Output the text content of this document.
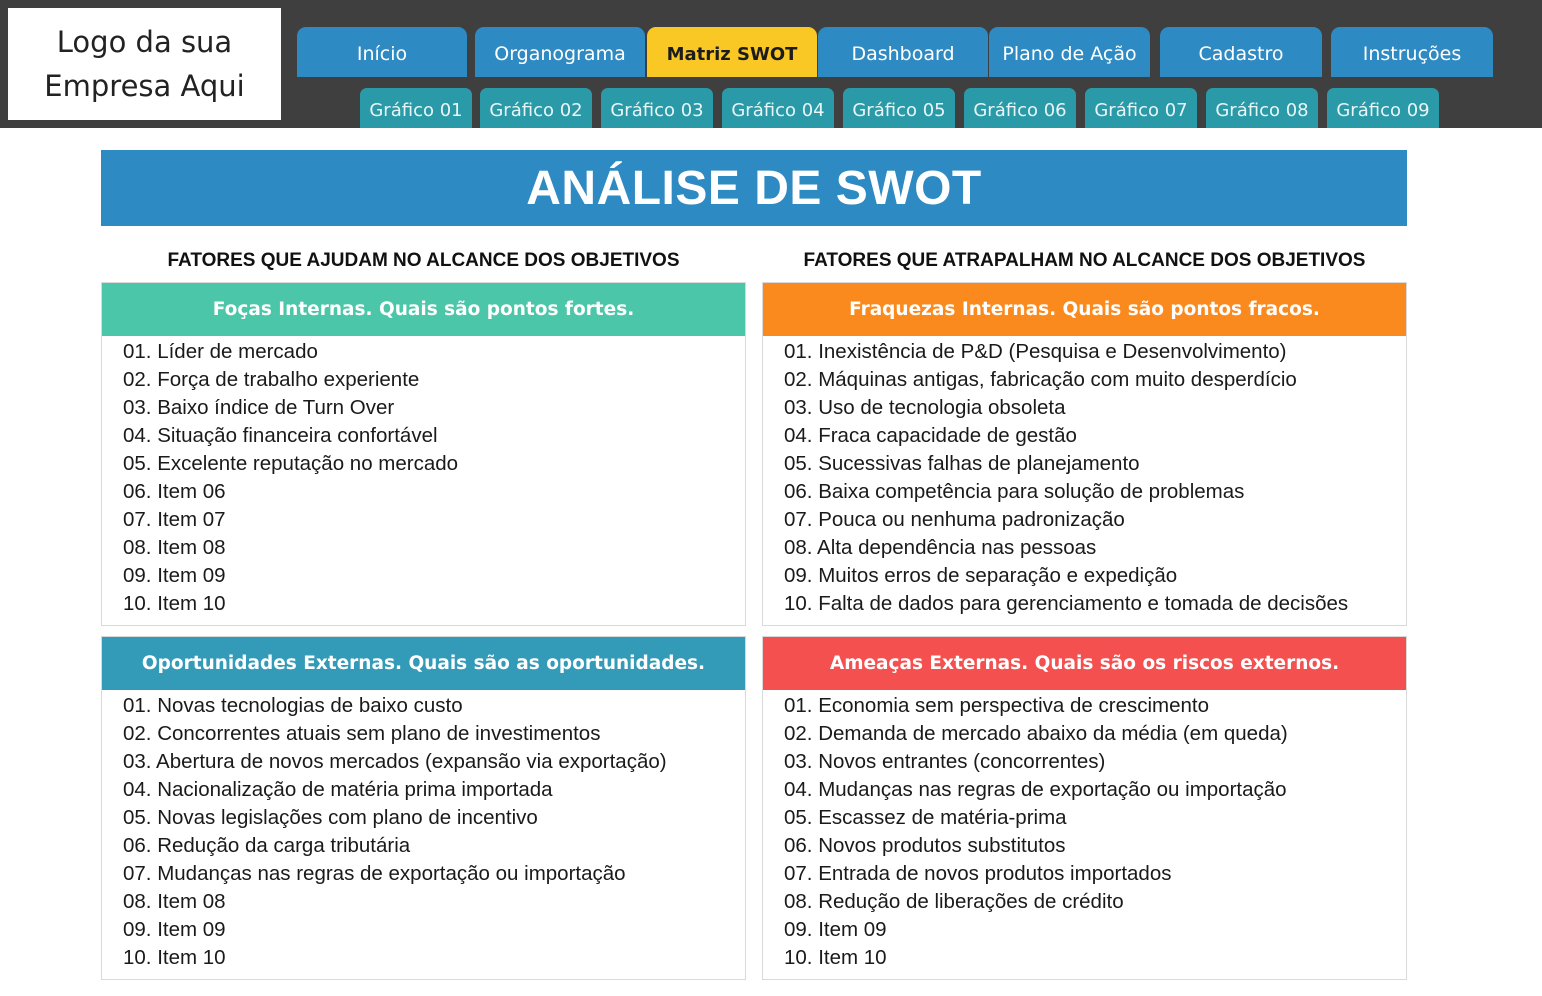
Logo da sua
Empresa Aqui
Início	Organograma	Matriz SWOT	Dashboard	Plano de Ação	Cadastro	Instruções
Gráfico 01	Gráfico 02	Gráfico 03	Gráfico 04	Gráfico 05	Gráfico 06	Gráfico 07	Gráfico 08	Gráfico 09
ANÁLISE DE SWOT
FATORES QUE AJUDAM NO ALCANCE DOS OBJETIVOS	FATORES QUE ATRAPALHAM NO ALCANCE DOS OBJETIVOS
Foças Internas. Quais são pontos fortes.
01. Líder de mercado
02. Força de trabalho experiente
03. Baixo índice de Turn Over
04. Situação financeira confortável
05. Excelente reputação no mercado
06. Item 06
07. Item 07
08. Item 08
09. Item 09
10. Item 10
Fraquezas Internas. Quais são pontos fracos.
01. Inexistência de P&D (Pesquisa e Desenvolvimento)
02. Máquinas antigas, fabricação com muito desperdício
03. Uso de tecnologia obsoleta
04. Fraca capacidade de gestão
05. Sucessivas falhas de planejamento
06. Baixa competência para solução de problemas
07. Pouca ou nenhuma padronização
08. Alta dependência nas pessoas
09. Muitos erros de separação e expedição
10. Falta de dados para gerenciamento e tomada de decisões
Oportunidades Externas. Quais são as oportunidades.
01. Novas tecnologias de baixo custo
02. Concorrentes atuais sem plano de investimentos
03. Abertura de novos mercados (expansão via exportação)
04. Nacionalização de matéria prima importada
05. Novas legislações com plano de incentivo
06. Redução da carga tributária
07. Mudanças nas regras de exportação ou importação
08. Item 08
09. Item 09
10. Item 10
Ameaças Externas. Quais são os riscos externos.
01. Economia sem perspectiva de crescimento
02. Demanda de mercado abaixo da média (em queda)
03. Novos entrantes (concorrentes)
04. Mudanças nas regras de exportação ou importação
05. Escassez de matéria-prima
06. Novos produtos substitutos
07. Entrada de novos produtos importados
08. Redução de liberações de crédito
09. Item 09
10. Item 10
